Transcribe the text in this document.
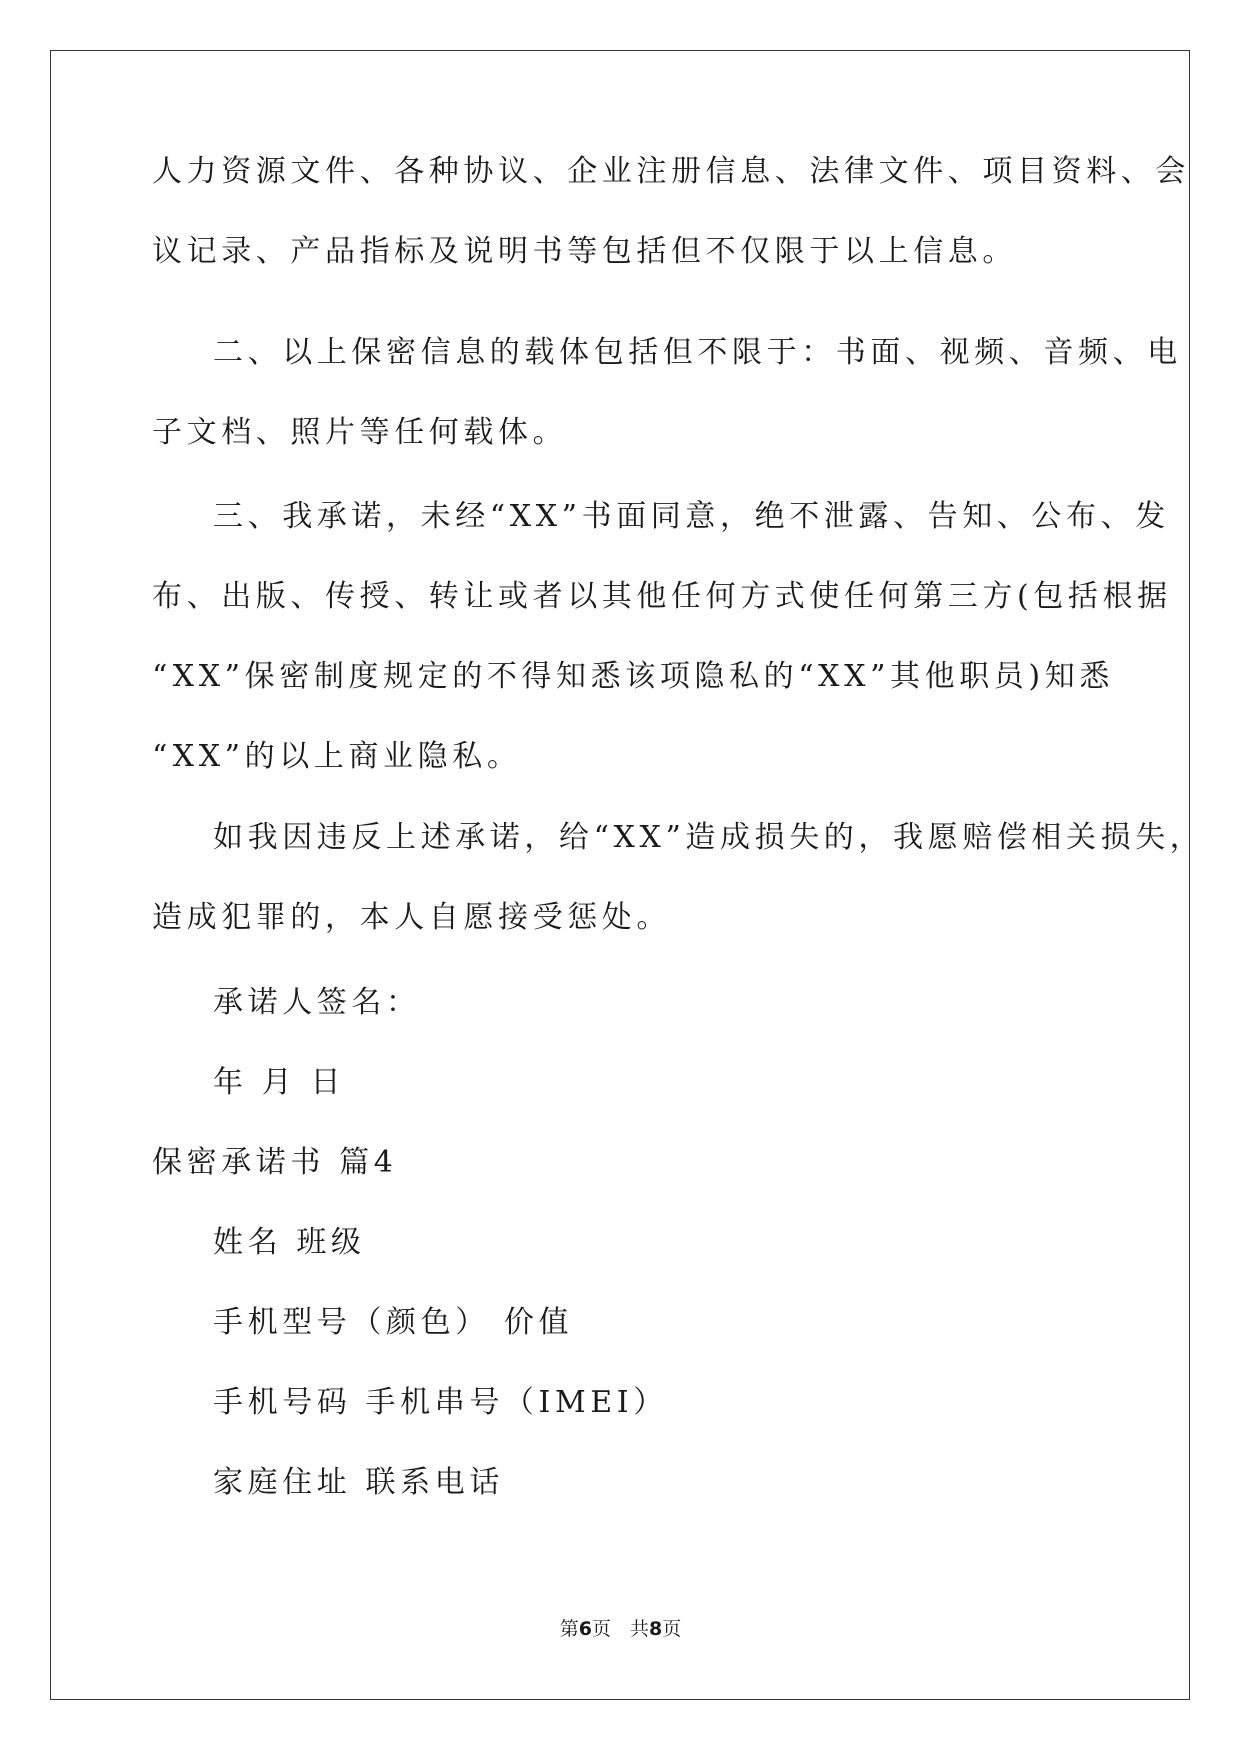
人力资源文件、各种协议、企业注册信息、法律文件、项目资料、会
议记录、产品指标及说明书等包括但不仅限于以上信息。
二、以上保密信息的载体包括但不限于：书面、视频、音频、电
子文档、照片等任何载体。
三、我承诺，未经“XX”书面同意，绝不泄露、告知、公布、发
布、出版、传授、转让或者以其他任何方式使任何第三方(包括根据
“XX”保密制度规定的不得知悉该项隐私的“XX”其他职员)知悉
“XX”的以上商业隐私。
如我因违反上述承诺，给“XX”造成损失的，我愿赔偿相关损失，
造成犯罪的，本人自愿接受惩处。
承诺人签名：
年 月 日
保密承诺书 篇4
姓名 班级
手机型号（颜色） 价值
手机号码 手机串号（IMEI）
家庭住址 联系电话
第6页　共8页
